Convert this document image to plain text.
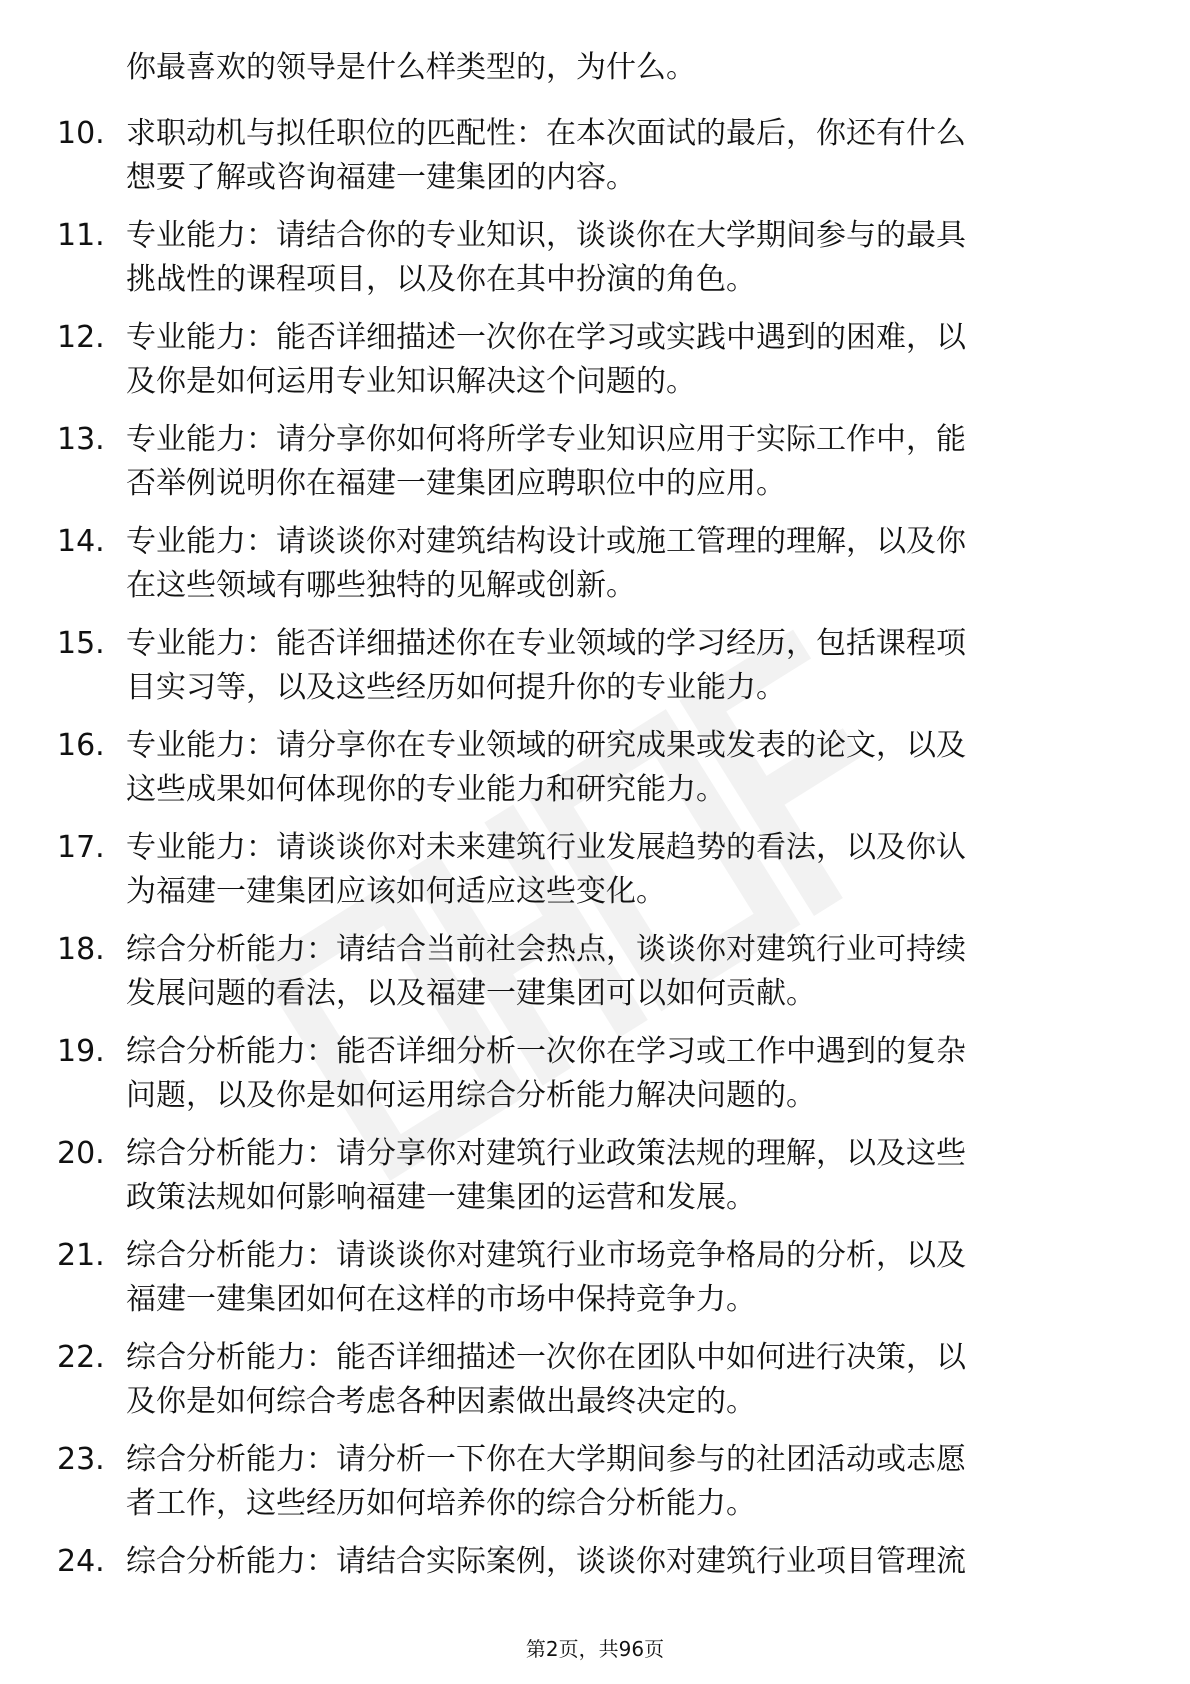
你最喜欢的领导是什么样类型的，为什么。
10. 求职动机与拟任职位的匹配性：在本次面试的最后，你还有什么
想要了解或咨询福建一建集团的内容。
11. 专业能力：请结合你的专业知识，谈谈你在大学期间参与的最具
挑战性的课程项目，以及你在其中扮演的角色。
12. 专业能力：能否详细描述一次你在学习或实践中遇到的困难，以
及你是如何运用专业知识解决这个问题的。
13. 专业能力：请分享你如何将所学专业知识应用于实际工作中，能
否举例说明你在福建一建集团应聘职位中的应用。
14. 专业能力：请谈谈你对建筑结构设计或施工管理的理解，以及你
在这些领域有哪些独特的见解或创新。
15. 专业能力：能否详细描述你在专业领域的学习经历，包括课程项
目实习等，以及这些经历如何提升你的专业能力。
16. 专业能力：请分享你在专业领域的研究成果或发表的论文，以及
这些成果如何体现你的专业能力和研究能力。
17. 专业能力：请谈谈你对未来建筑行业发展趋势的看法，以及你认
为福建一建集团应该如何适应这些变化。
18. 综合分析能力：请结合当前社会热点，谈谈你对建筑行业可持续
发展问题的看法，以及福建一建集团可以如何贡献。
19. 综合分析能力：能否详细分析一次你在学习或工作中遇到的复杂
问题，以及你是如何运用综合分析能力解决问题的。
20. 综合分析能力：请分享你对建筑行业政策法规的理解，以及这些
政策法规如何影响福建一建集团的运营和发展。
21. 综合分析能力：请谈谈你对建筑行业市场竞争格局的分析，以及
福建一建集团如何在这样的市场中保持竞争力。
22. 综合分析能力：能否详细描述一次你在团队中如何进行决策，以
及你是如何综合考虑各种因素做出最终决定的。
23. 综合分析能力：请分析一下你在大学期间参与的社团活动或志愿
者工作，这些经历如何培养你的综合分析能力。
24. 综合分析能力：请结合实际案例，谈谈你对建筑行业项目管理流
第2页，共96页
